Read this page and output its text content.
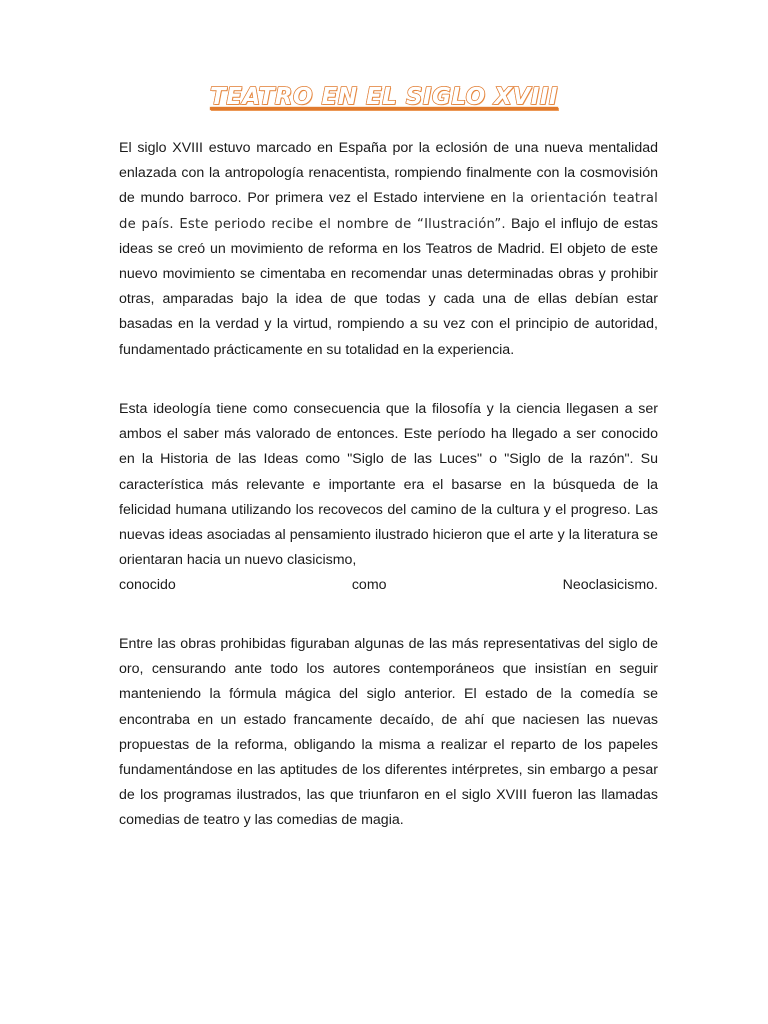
TEATRO EN EL SIGLO XVIII

El siglo XVIII estuvo marcado en España por la eclosión de una nueva mentalidad enlazada con la antropología renacentista, rompiendo finalmente con la cosmovisión de mundo barroco. Por primera vez el Estado interviene en la orientación teatral de país. Este periodo recibe el nombre de “Ilustración”. Bajo el influjo de estas ideas se creó un movimiento de reforma en los Teatros de Madrid. El objeto de este nuevo movimiento se cimentaba en recomendar unas determinadas obras y prohibir otras, amparadas bajo la idea de que todas y cada una de ellas debían estar basadas en la verdad y la virtud, rompiendo a su vez con el principio de autoridad, fundamentado prácticamente en su totalidad en la experiencia.

Esta ideología tiene como consecuencia que la filosofía y la ciencia llegasen a ser ambos el saber más valorado de entonces. Este período ha llegado a ser conocido en la Historia de las Ideas como "Siglo de las Luces" o "Siglo de la razón". Su característica más relevante e importante era el basarse en la búsqueda de la felicidad humana utilizando los recovecos del camino de la cultura y el progreso. Las nuevas ideas asociadas al pensamiento ilustrado hicieron que el arte y la literatura se orientaran hacia un nuevo clasicismo,
conocido como Neoclasicismo.

Entre las obras prohibidas figuraban algunas de las más representativas del siglo de oro, censurando ante todo los autores contemporáneos que insistían en seguir manteniendo la fórmula mágica del siglo anterior. El estado de la comedía se encontraba en un estado francamente decaído, de ahí que naciesen las nuevas propuestas de la reforma, obligando la misma a realizar el reparto de los papeles fundamentándose en las aptitudes de los diferentes intérpretes, sin embargo a pesar de los programas ilustrados, las que triunfaron en el siglo XVIII fueron las llamadas comedias de teatro y las comedias de magia.
